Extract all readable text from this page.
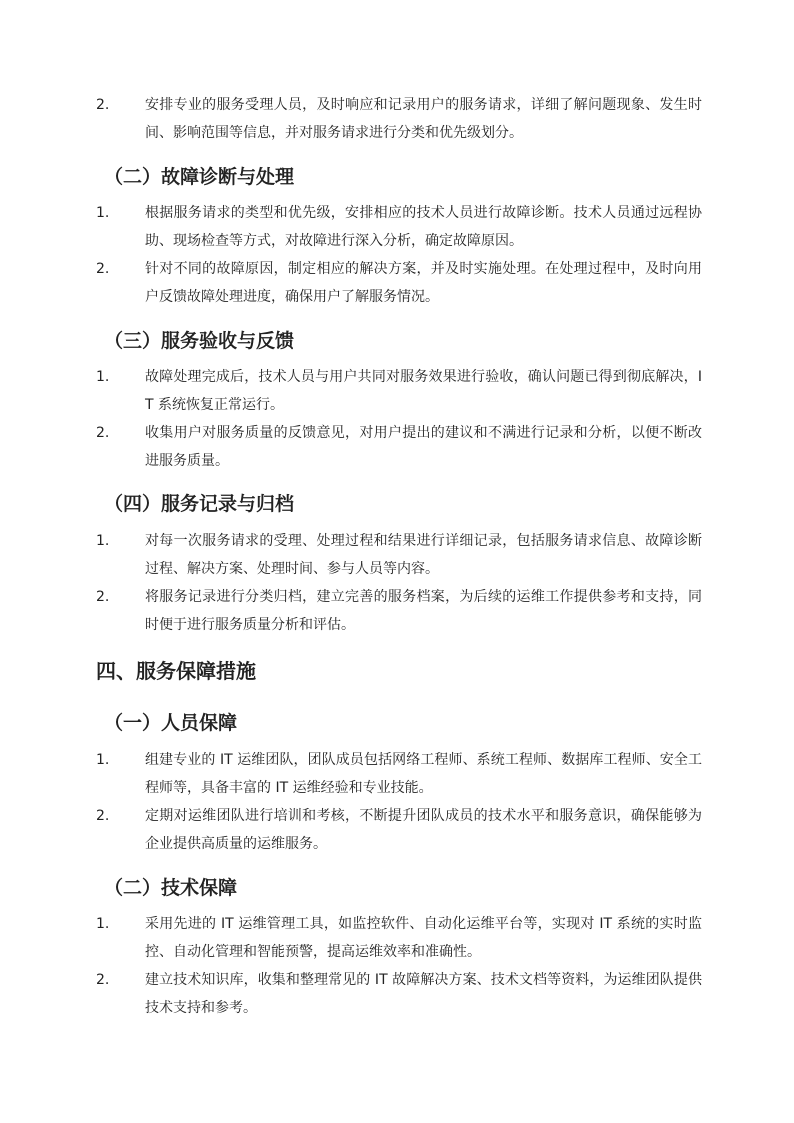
2.	安排专业的服务受理人员，及时响应和记录用户的服务请求，详细了解问题现象、发生时间、影响范围等信息，并对服务请求进行分类和优先级划分。
（二）故障诊断与处理
1.	根据服务请求的类型和优先级，安排相应的技术人员进行故障诊断。技术人员通过远程协助、现场检查等方式，对故障进行深入分析，确定故障原因。
2.	针对不同的故障原因，制定相应的解决方案，并及时实施处理。在处理过程中，及时向用户反馈故障处理进度，确保用户了解服务情况。
（三）服务验收与反馈
1.	故障处理完成后，技术人员与用户共同对服务效果进行验收，确认问题已得到彻底解决，IT 系统恢复正常运行。
2.	收集用户对服务质量的反馈意见，对用户提出的建议和不满进行记录和分析，以便不断改进服务质量。
（四）服务记录与归档
1.	对每一次服务请求的受理、处理过程和结果进行详细记录，包括服务请求信息、故障诊断过程、解决方案、处理时间、参与人员等内容。
2.	将服务记录进行分类归档，建立完善的服务档案，为后续的运维工作提供参考和支持，同时便于进行服务质量分析和评估。
四、服务保障措施
（一）人员保障
1.	组建专业的 IT 运维团队，团队成员包括网络工程师、系统工程师、数据库工程师、安全工程师等，具备丰富的 IT 运维经验和专业技能。
2.	定期对运维团队进行培训和考核，不断提升团队成员的技术水平和服务意识，确保能够为企业提供高质量的运维服务。
（二）技术保障
1.	采用先进的 IT 运维管理工具，如监控软件、自动化运维平台等，实现对 IT 系统的实时监控、自动化管理和智能预警，提高运维效率和准确性。
2.	建立技术知识库，收集和整理常见的 IT 故障解决方案、技术文档等资料，为运维团队提供技术支持和参考。
